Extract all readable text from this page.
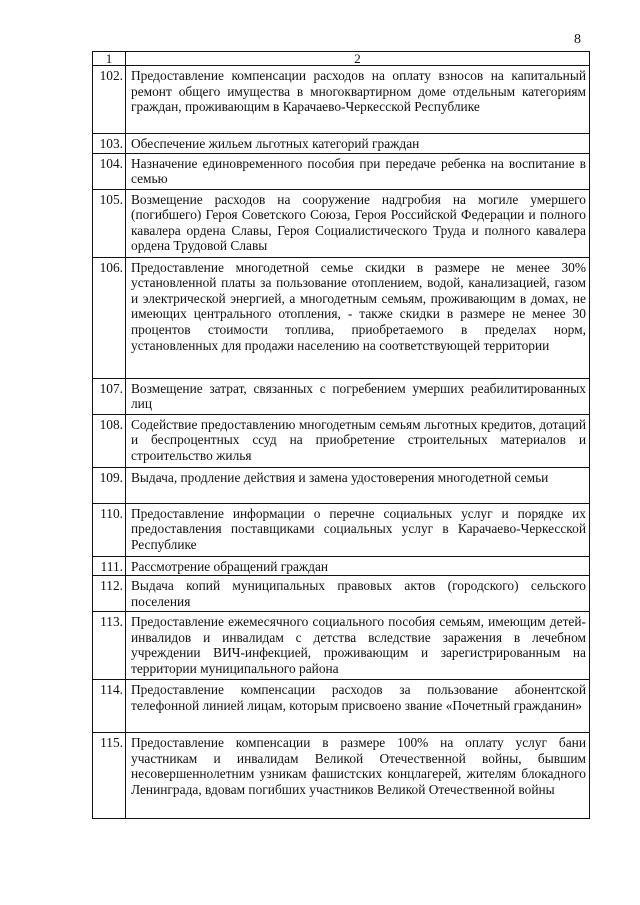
8
1	2
102.	Предоставление компенсации расходов на оплату взносов на капитальный ремонт общего имущества в многоквартирном доме отдельным категориям граждан, проживающим в Карачаево-Черкесской Республике
103.	Обеспечение жильем льготных категорий граждан
104.	Назначение единовременного пособия при передаче ребенка на воспитание в семью
105.	Возмещение расходов на сооружение надгробия на могиле умершего (погибшего) Героя Советского Союза, Героя Российской Федерации и полного кавалера ордена Славы, Героя Социалистического Труда и полного кавалера ордена Трудовой Славы
106.	Предоставление многодетной семье скидки в размере не менее 30% установленной платы за пользование отоплением, водой, канализацией, газом и электрической энергией, а многодетным семьям, проживающим в домах, не имеющих центрального отопления, - также скидки в размере не менее 30 процентов стоимости топлива, приобретаемого в пределах норм, установленных для продажи населению на соответствующей территории
107.	Возмещение затрат, связанных с погребением умерших реабилитированных лиц
108.	Содействие предоставлению многодетным семьям льготных кредитов, дотаций и беспроцентных ссуд на приобретение строительных материалов и строительство жилья
109.	Выдача, продление действия и замена удостоверения многодетной семьи
110.	Предоставление информации о перечне социальных услуг и порядке их предоставления поставщиками социальных услуг в Карачаево-Черкесской Республике
111.	Рассмотрение обращений граждан
112.	Выдача копий муниципальных правовых актов (городского) сельского поселения
113.	Предоставление ежемесячного социального пособия семьям, имеющим детей-инвалидов и инвалидам с детства вследствие заражения в лечебном учреждении ВИЧ-инфекцией, проживающим и зарегистрированным на территории муниципального района
114.	Предоставление компенсации расходов за пользование абонентской телефонной линией лицам, которым присвоено звание «Почетный гражданин»
115.	Предоставление компенсации в размере 100% на оплату услуг бани участникам и инвалидам Великой Отечественной войны, бывшим несовершеннолетним узникам фашистских концлагерей, жителям блокадного Ленинграда, вдовам погибших участников Великой Отечественной войны
